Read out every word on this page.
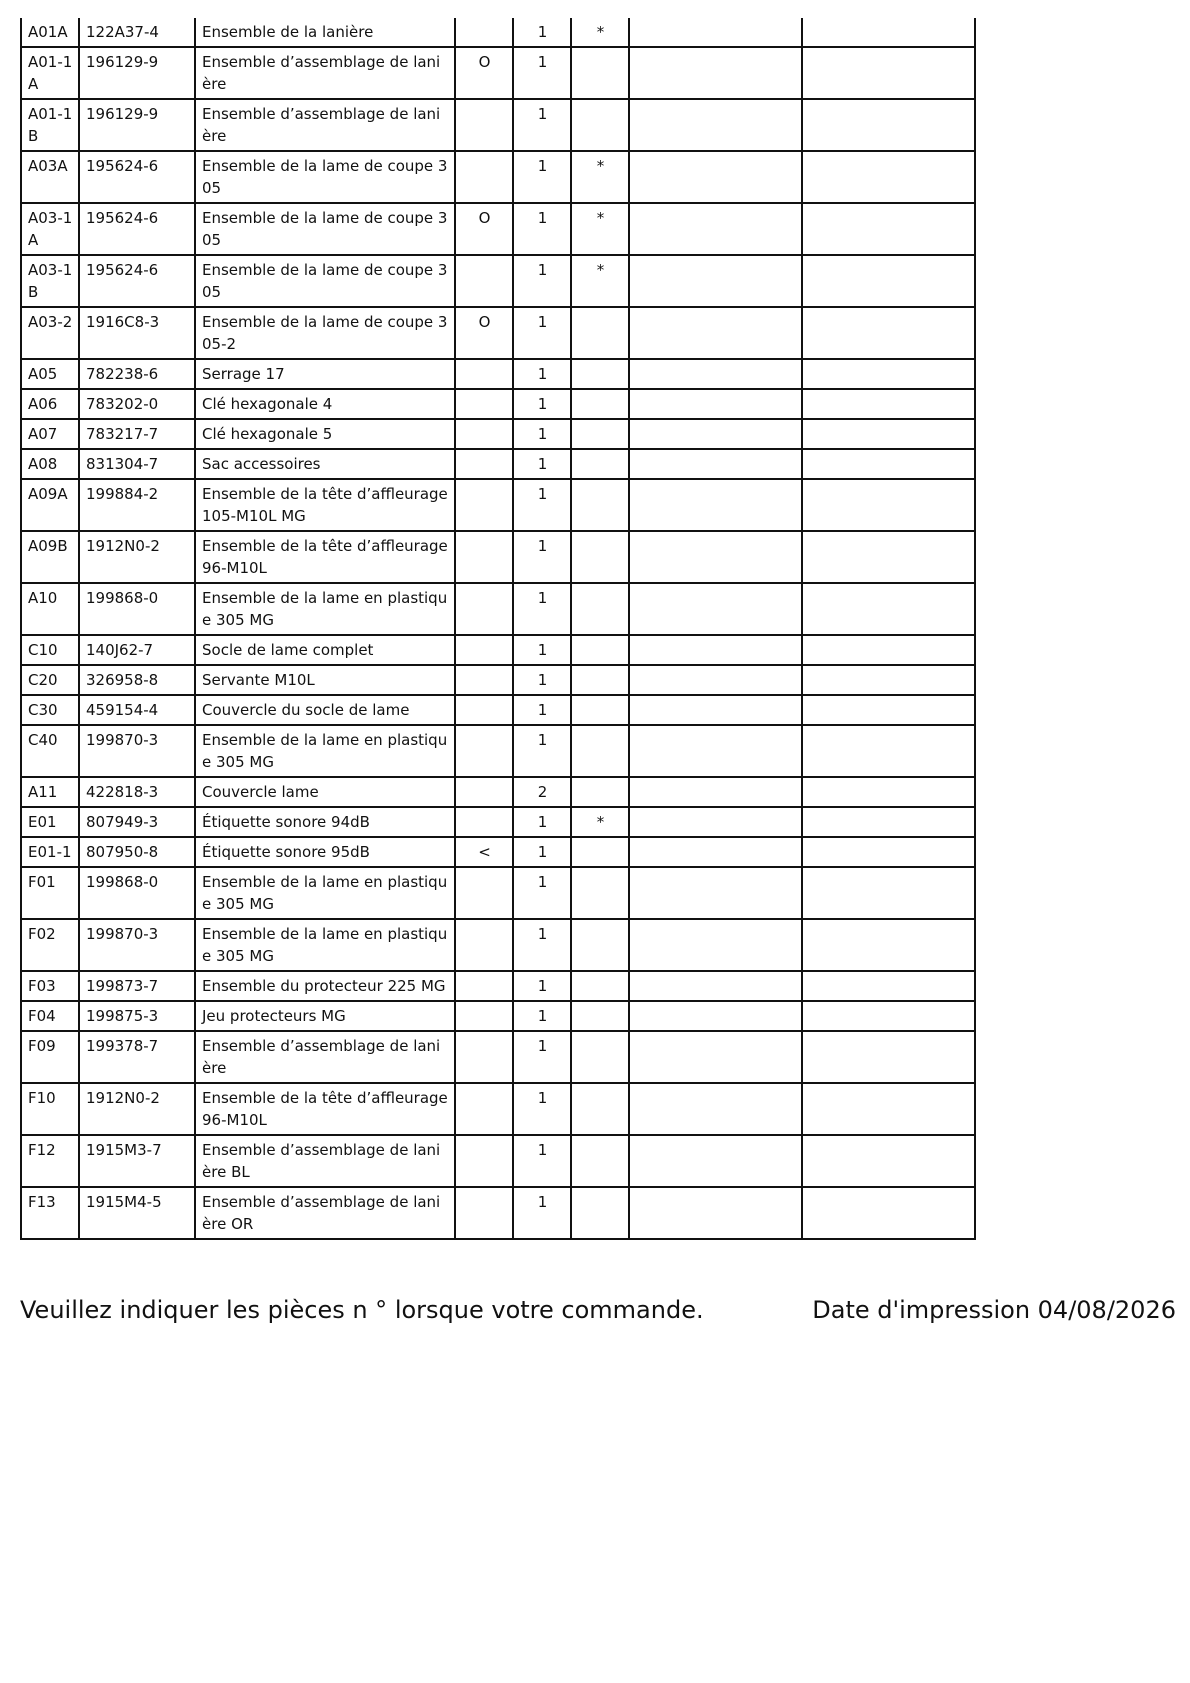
A01A	122A37-4	Ensemble de la lanière		1	*		
A01-1A	196129-9	Ensemble d’assemblage de lanière	O	1			
A01-1B	196129-9	Ensemble d’assemblage de lanière		1			
A03A	195624-6	Ensemble de la lame de coupe 305		1	*		
A03-1A	195624-6	Ensemble de la lame de coupe 305	O	1	*		
A03-1B	195624-6	Ensemble de la lame de coupe 305		1	*		
A03-2	1916C8-3	Ensemble de la lame de coupe 305-2	O	1			
A05	782238-6	Serrage 17		1			
A06	783202-0	Clé hexagonale 4		1			
A07	783217-7	Clé hexagonale 5		1			
A08	831304-7	Sac accessoires		1			
A09A	199884-2	Ensemble de la tête d’affleurage 105-M10L MG		1			
A09B	1912N0-2	Ensemble de la tête d’affleurage 96-M10L		1			
A10	199868-0	Ensemble de la lame en plastique 305 MG		1			
C10	140J62-7	Socle de lame complet		1			
C20	326958-8	Servante M10L		1			
C30	459154-4	Couvercle du socle de lame		1			
C40	199870-3	Ensemble de la lame en plastique 305 MG		1			
A11	422818-3	Couvercle lame		2			
E01	807949-3	Étiquette sonore 94dB		1	*		
E01-1	807950-8	Étiquette sonore 95dB	<	1			
F01	199868-0	Ensemble de la lame en plastique 305 MG		1			
F02	199870-3	Ensemble de la lame en plastique 305 MG		1			
F03	199873-7	Ensemble du protecteur 225 MG		1			
F04	199875-3	Jeu protecteurs MG		1			
F09	199378-7	Ensemble d’assemblage de lanière		1			
F10	1912N0-2	Ensemble de la tête d’affleurage 96-M10L		1			
F12	1915M3-7	Ensemble d’assemblage de lanière BL		1			
F13	1915M4-5	Ensemble d’assemblage de lanière OR		1			
Veuillez indiquer les pièces n ° lorsque votre commande.	Date d'impression 04/08/2026
